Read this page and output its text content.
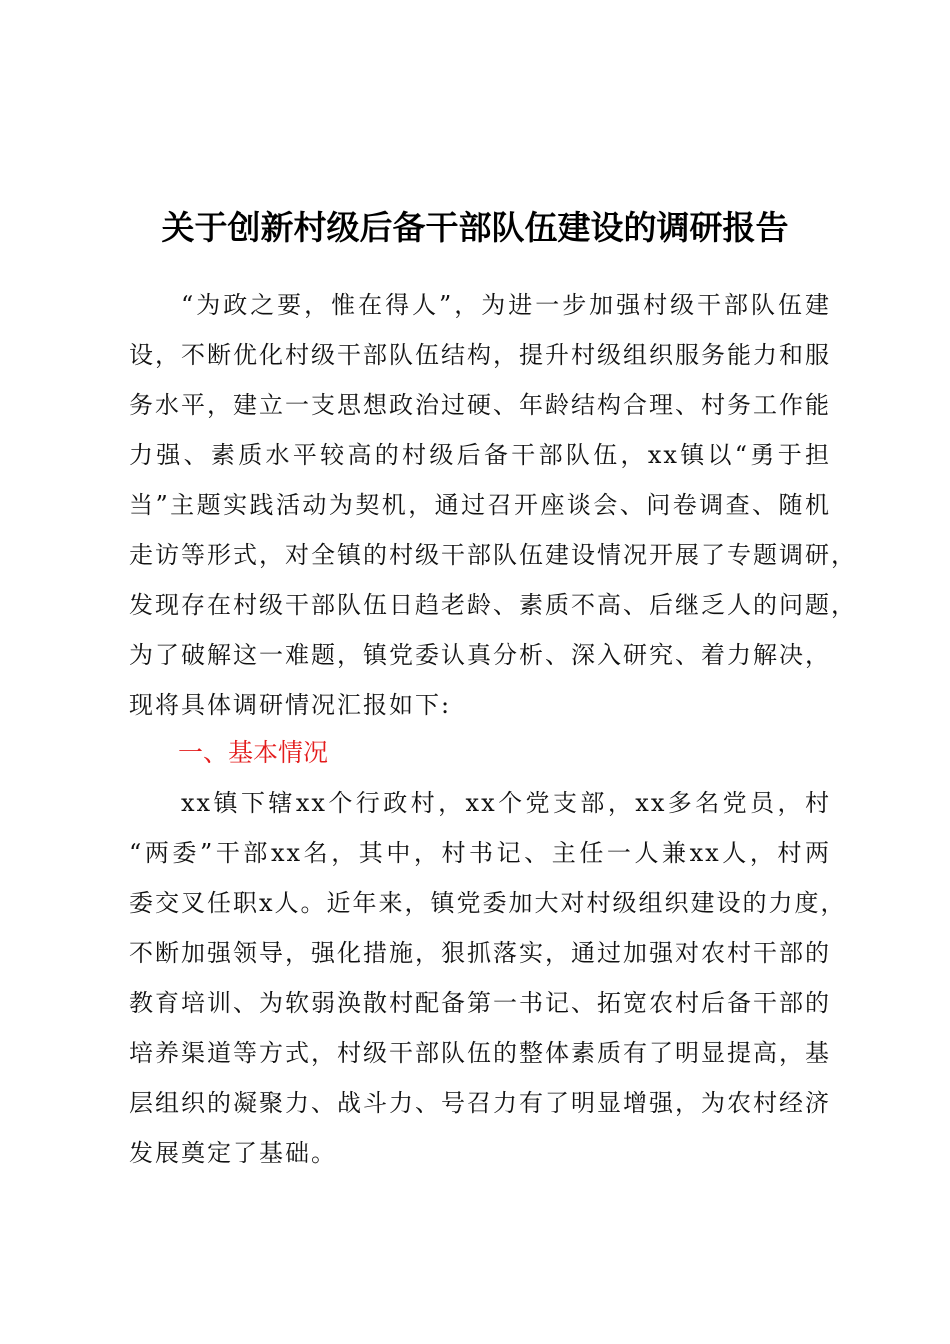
关于创新村级后备干部队伍建设的调研报告
“为政之要，惟在得人”，为进一步加强村级干部队伍建
设，不断优化村级干部队伍结构，提升村级组织服务能力和服
务水平，建立一支思想政治过硬、年龄结构合理、村务工作能
力强、素质水平较高的村级后备干部队伍，xx镇以“勇于担
当”主题实践活动为契机，通过召开座谈会、问卷调查、随机
走访等形式，对全镇的村级干部队伍建设情况开展了专题调研，
发现存在村级干部队伍日趋老龄、素质不高、后继乏人的问题，
为了破解这一难题，镇党委认真分析、深入研究、着力解决，
现将具体调研情况汇报如下:
一、基本情况
xx镇下辖xx个行政村，xx个党支部，xx多名党员，村
“两委”干部xx名，其中，村书记、主任一人兼xx人，村两
委交叉任职x人。近年来，镇党委加大对村级组织建设的力度，
不断加强领导，强化措施，狠抓落实，通过加强对农村干部的
教育培训、为软弱涣散村配备第一书记、拓宽农村后备干部的
培养渠道等方式，村级干部队伍的整体素质有了明显提高，基
层组织的凝聚力、战斗力、号召力有了明显增强，为农村经济
发展奠定了基础。
